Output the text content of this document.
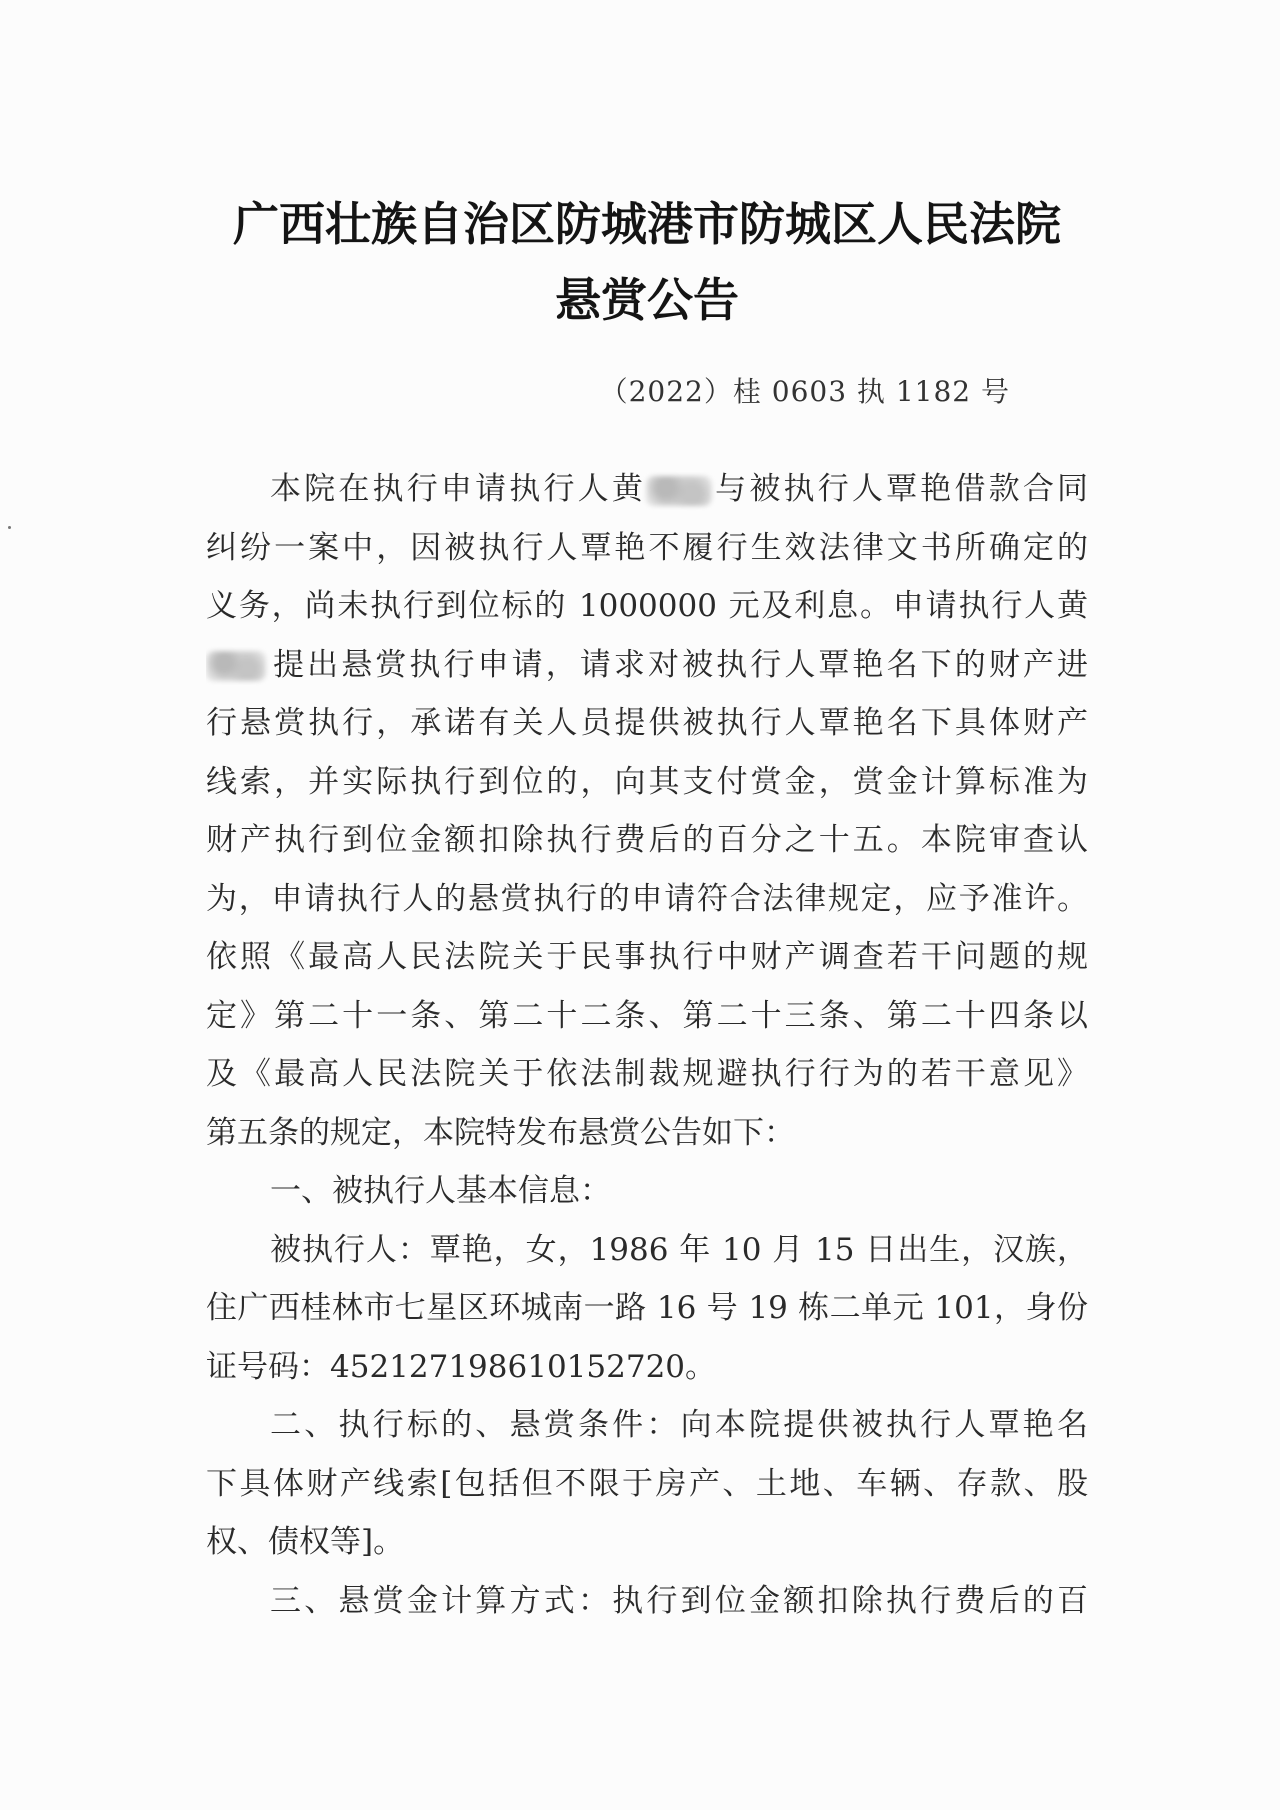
广西壮族自治区防城港市防城区人民法院
悬赏公告
（2022）桂 0603 执 1182 号
本院在执行申请执行人黄 与被执行人覃艳借款合同
纠纷一案中，因被执行人覃艳不履行生效法律文书所确定的
义务，尚未执行到位标的 1000000 元及利息。申请执行人黄
提出悬赏执行申请，请求对被执行人覃艳名下的财产进
行悬赏执行，承诺有关人员提供被执行人覃艳名下具体财产
线索，并实际执行到位的，向其支付赏金，赏金计算标准为
财产执行到位金额扣除执行费后的百分之十五。本院审查认
为，申请执行人的悬赏执行的申请符合法律规定，应予准许。
依照《最高人民法院关于民事执行中财产调查若干问题的规
定》第二十一条、第二十二条、第二十三条、第二十四条以
及《最高人民法院关于依法制裁规避执行行为的若干意见》
第五条的规定，本院特发布悬赏公告如下：
一、被执行人基本信息：
被执行人：覃艳，女，1986 年 10 月 15 日出生，汉族，
住广西桂林市七星区环城南一路 16 号 19 栋二单元 101，身份
证号码：452127198610152720。
二、执行标的、悬赏条件：向本院提供被执行人覃艳名
下具体财产线索[包括但不限于房产、土地、车辆、存款、股
权、债权等]。
三、悬赏金计算方式：执行到位金额扣除执行费后的百
